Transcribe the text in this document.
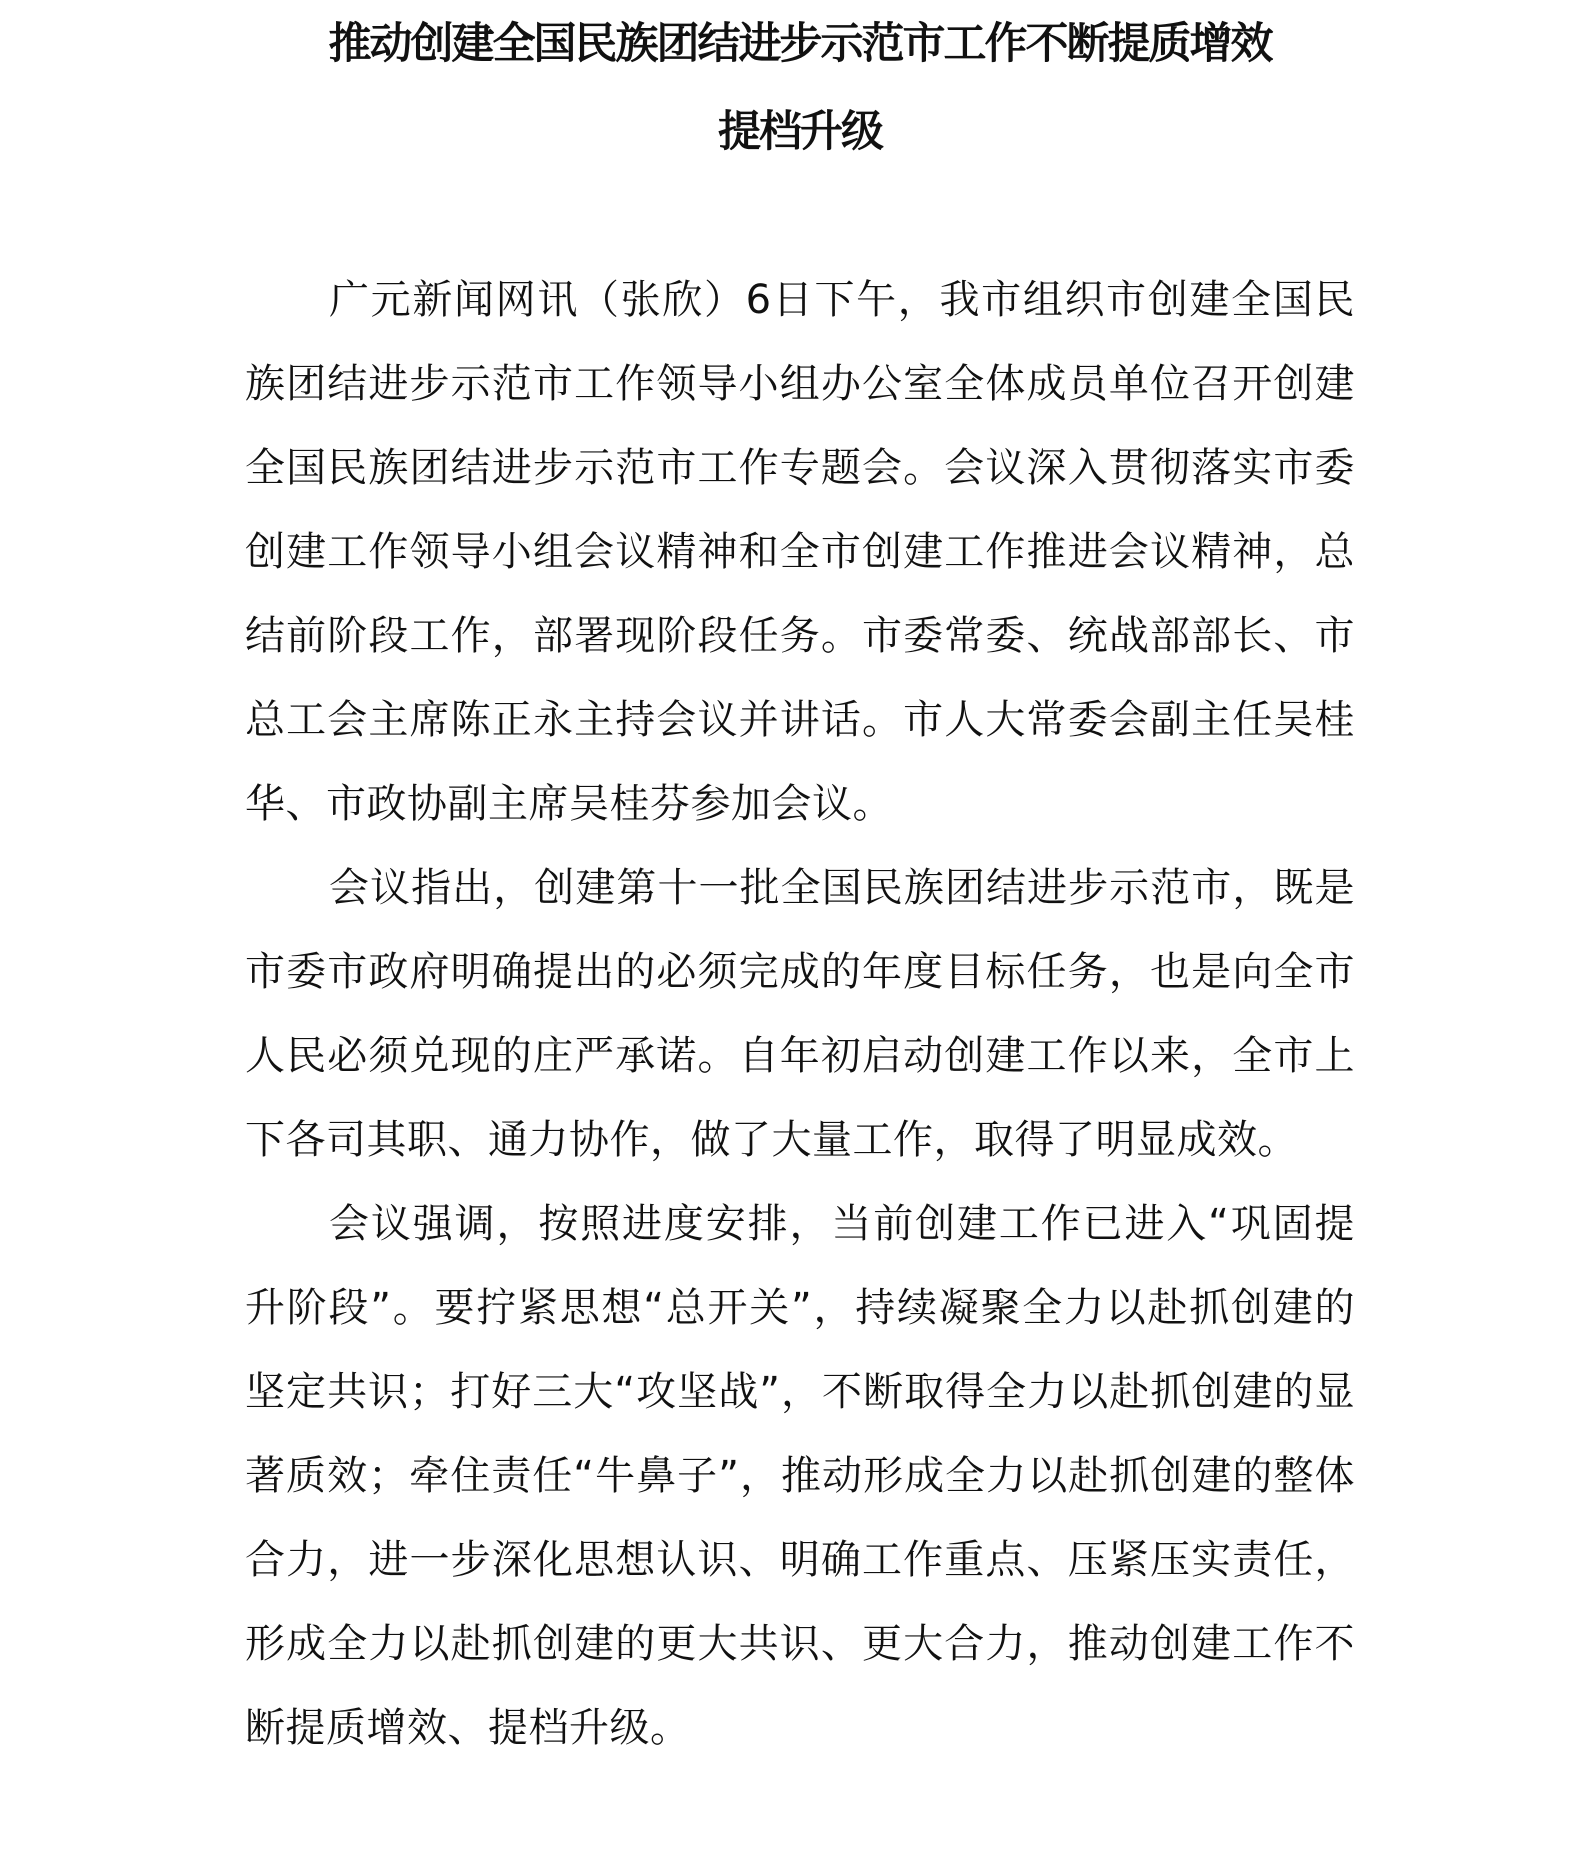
推动创建全国民族团结进步示范市工作不断提质增效
提档升级

广元新闻网讯（张欣）6日下午，我市组织市创建全国民族团结进步示范市工作领导小组办公室全体成员单位召开创建全国民族团结进步示范市工作专题会。会议深入贯彻落实市委创建工作领导小组会议精神和全市创建工作推进会议精神，总结前阶段工作，部署现阶段任务。市委常委、统战部部长、市总工会主席陈正永主持会议并讲话。市人大常委会副主任吴桂华、市政协副主席吴桂芬参加会议。

会议指出，创建第十一批全国民族团结进步示范市，既是市委市政府明确提出的必须完成的年度目标任务，也是向全市人民必须兑现的庄严承诺。自年初启动创建工作以来，全市上下各司其职、通力协作，做了大量工作，取得了明显成效。

会议强调，按照进度安排，当前创建工作已进入“巩固提升阶段”。要拧紧思想“总开关”，持续凝聚全力以赴抓创建的坚定共识；打好三大“攻坚战”，不断取得全力以赴抓创建的显著质效；牵住责任“牛鼻子”，推动形成全力以赴抓创建的整体合力，进一步深化思想认识、明确工作重点、压紧压实责任，形成全力以赴抓创建的更大共识、更大合力，推动创建工作不断提质增效、提档升级。
